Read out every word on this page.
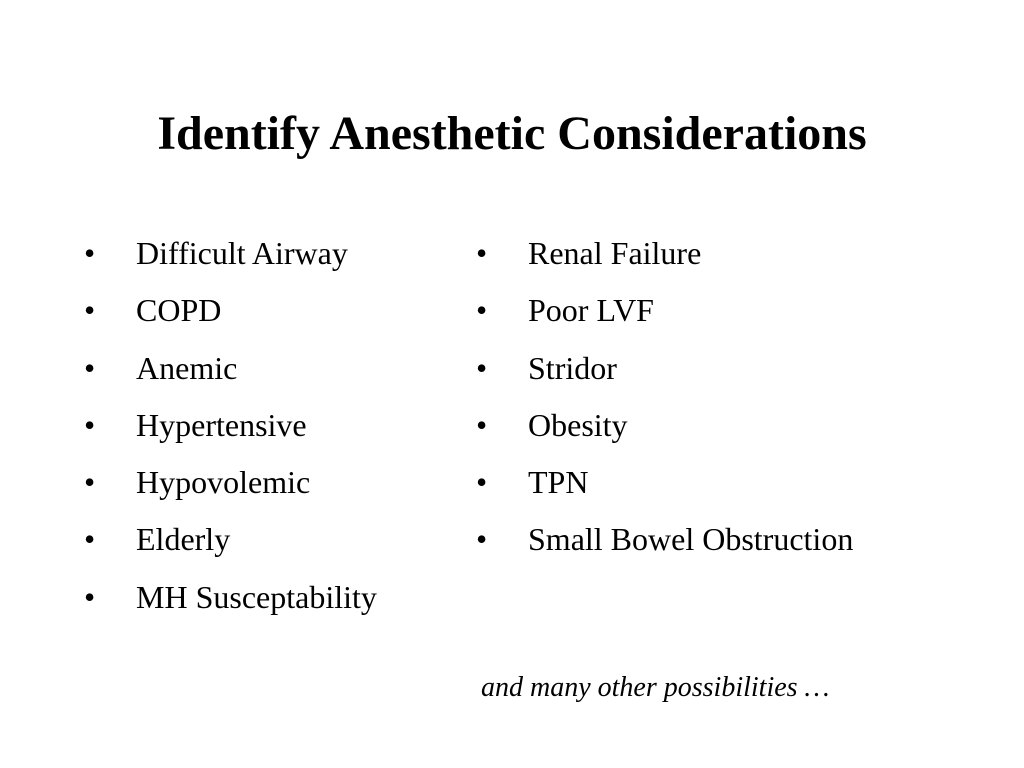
Identify Anesthetic Considerations
•
Difficult Airway
•
COPD
•
Anemic
•
Hypertensive
•
Hypovolemic
•
Elderly
•
MH Susceptability
•
Renal Failure
•
Poor LVF
•
Stridor
•
Obesity
•
TPN
•
Small Bowel Obstruction

and many other possibilities …
